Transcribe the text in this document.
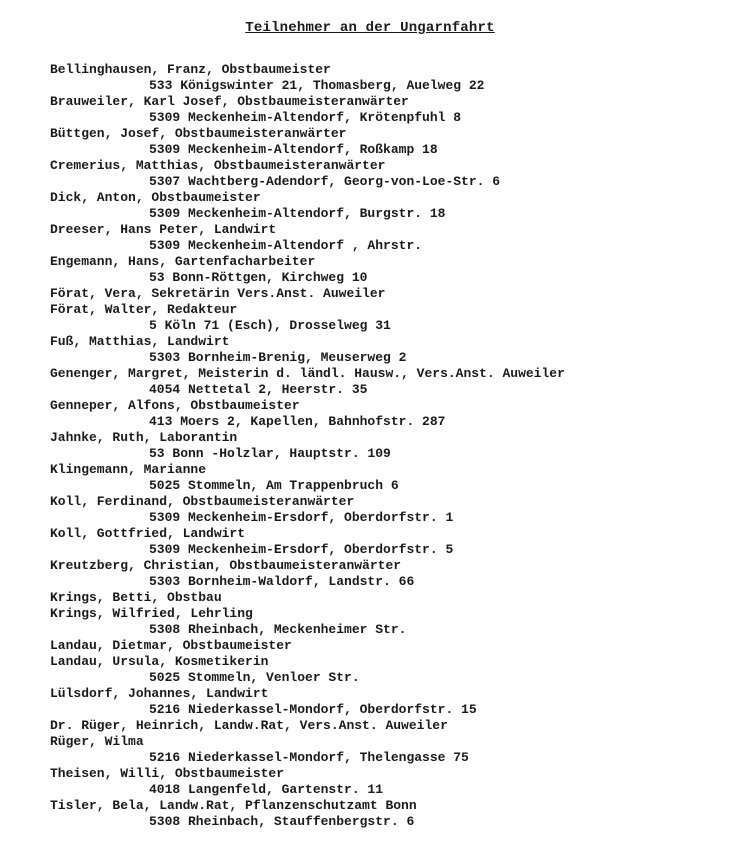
Teilnehmer an der Ungarnfahrt
Bellinghausen, Franz, Obstbaumeister
533 Königswinter 21, Thomasberg, Auelweg 22
Brauweiler, Karl Josef, Obstbaumeisteranwärter
5309 Meckenheim-Altendorf, Krötenpfuhl 8
Büttgen, Josef, Obstbaumeisteranwärter
5309 Meckenheim-Altendorf, Roßkamp 18
Cremerius, Matthias, Obstbaumeisteranwärter
5307 Wachtberg-Adendorf, Georg-von-Loe-Str. 6
Dick, Anton, Obstbaumeister
5309 Meckenheim-Altendorf, Burgstr. 18
Dreeser, Hans Peter, Landwirt
5309 Meckenheim-Altendorf , Ahrstr.
Engemann, Hans, Gartenfacharbeiter
53 Bonn-Röttgen, Kirchweg 10
Förat, Vera, Sekretärin Vers.Anst. Auweiler
Förat, Walter, Redakteur
5 Köln 71 (Esch), Drosselweg 31
Fuß, Matthias, Landwirt
5303 Bornheim-Brenig, Meuserweg 2
Genenger, Margret, Meisterin d. ländl. Hausw., Vers.Anst. Auweiler
4054 Nettetal 2, Heerstr. 35
Genneper, Alfons, Obstbaumeister
413 Moers 2, Kapellen, Bahnhofstr. 287
Jahnke, Ruth, Laborantin
53 Bonn -Holzlar, Hauptstr. 109
Klingemann, Marianne
5025 Stommeln, Am Trappenbruch 6
Koll, Ferdinand, Obstbaumeisteranwärter
5309 Meckenheim-Ersdorf, Oberdorfstr. 1
Koll, Gottfried, Landwirt
5309 Meckenheim-Ersdorf, Oberdorfstr. 5
Kreutzberg, Christian, Obstbaumeisteranwärter
5303 Bornheim-Waldorf, Landstr. 66
Krings, Betti, Obstbau
Krings, Wilfried, Lehrling
5308 Rheinbach, Meckenheimer Str.
Landau, Dietmar, Obstbaumeister
Landau, Ursula, Kosmetikerin
5025 Stommeln, Venloer Str.
Lülsdorf, Johannes, Landwirt
5216 Niederkassel-Mondorf, Oberdorfstr. 15
Dr. Rüger, Heinrich, Landw.Rat, Vers.Anst. Auweiler
Rüger, Wilma
5216 Niederkassel-Mondorf, Thelengasse 75
Theisen, Willi, Obstbaumeister
4018 Langenfeld, Gartenstr. 11
Tisler, Bela, Landw.Rat, Pflanzenschutzamt Bonn
5308 Rheinbach, Stauffenbergstr. 6
